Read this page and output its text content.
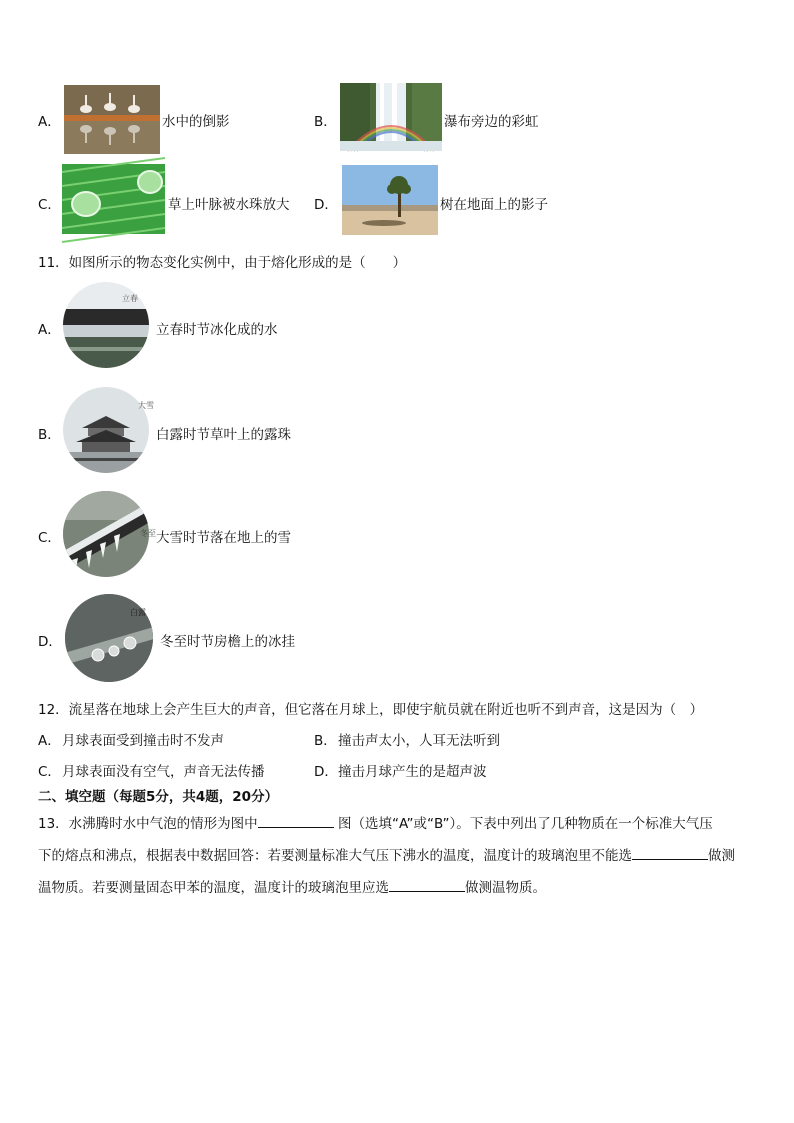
A．	水中的倒影	B．	瀑布旁边的彩虹
C．	草上叶脉被水珠放大 D．	树在地面上的影子
11．如图所示的物态变化实例中，由于熔化形成的是（　　）
A．
立春
立春时节冰化成的水
B．
大雪
白露时节草叶上的露珠
C．	冬至 大雪时节落在地上的雪
D．
白露
冬至时节房檐上的冰挂
12．流星落在地球上会产生巨大的声音，但它落在月球上，即使宇航员就在附近也听不到声音，这是因为（　）
A． 月球表面受到撞击时不发声	B． 撞击声太小，人耳无法听到
C． 月球表面没有空气，声音无法传播	D． 撞击月球产生的是超声波
二、填空题（每题5分，共4题，20分）
13．水沸腾时水中气泡的情形为图中	图（选填“A”或“B”）。下表中列出了几种物质在一个标准大气压
下的熔点和沸点，根据表中数据回答：若要测量标准大气压下沸水的温度，温度计的玻璃泡里不能选	做测
温物质。若要测量固态甲苯的温度，温度计的玻璃泡里应选	做测温物质。
